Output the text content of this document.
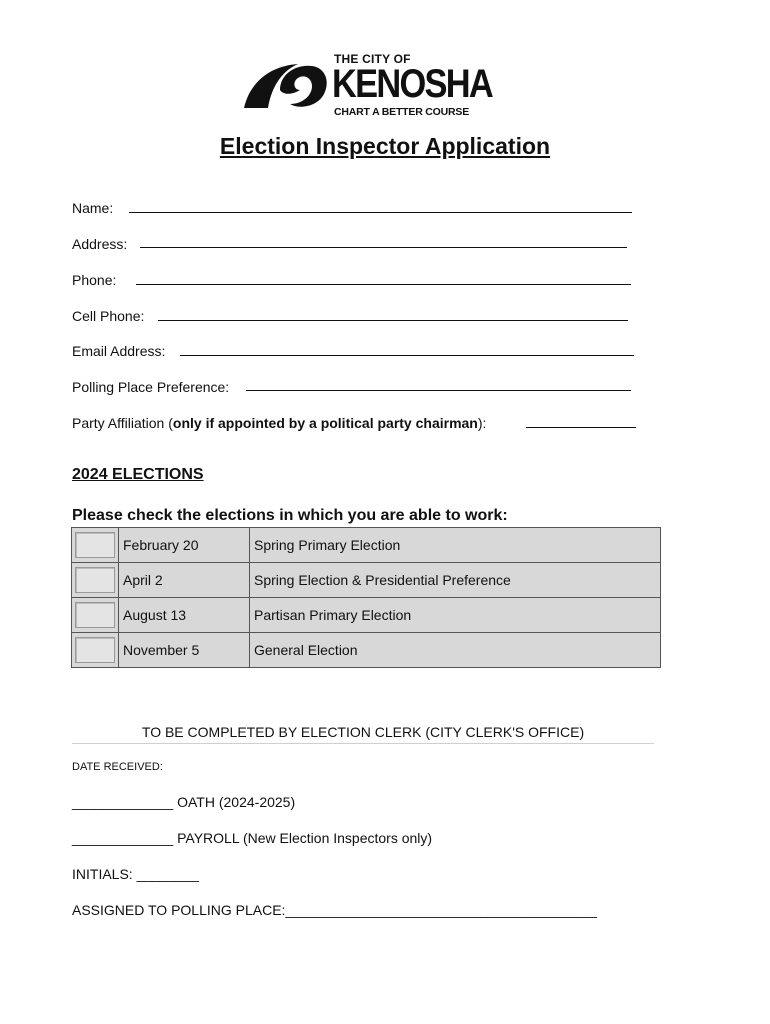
THE CITY OF
KENOSHA
CHART A BETTER COURSE
Election Inspector Application
Name:
Address:
Phone:
Cell Phone:
Email Address:
Polling Place Preference:
Party Affiliation ( only if appointed by a political party chairman ):
2024 ELECTIONS
Please check the elections in which you are able to work:
	February 20	Spring Primary Election
	April 2	Spring Election & Presidential Preference
	August 13	Partisan Primary Election
	November 5	General Election
TO BE COMPLETED BY ELECTION CLERK (CITY CLERK'S OFFICE)
DATE RECEIVED:
_____________ OATH (2024-2025)
_____________ PAYROLL (New Election Inspectors only)
INITIALS: ________
ASSIGNED TO POLLING PLACE:________________________________________
